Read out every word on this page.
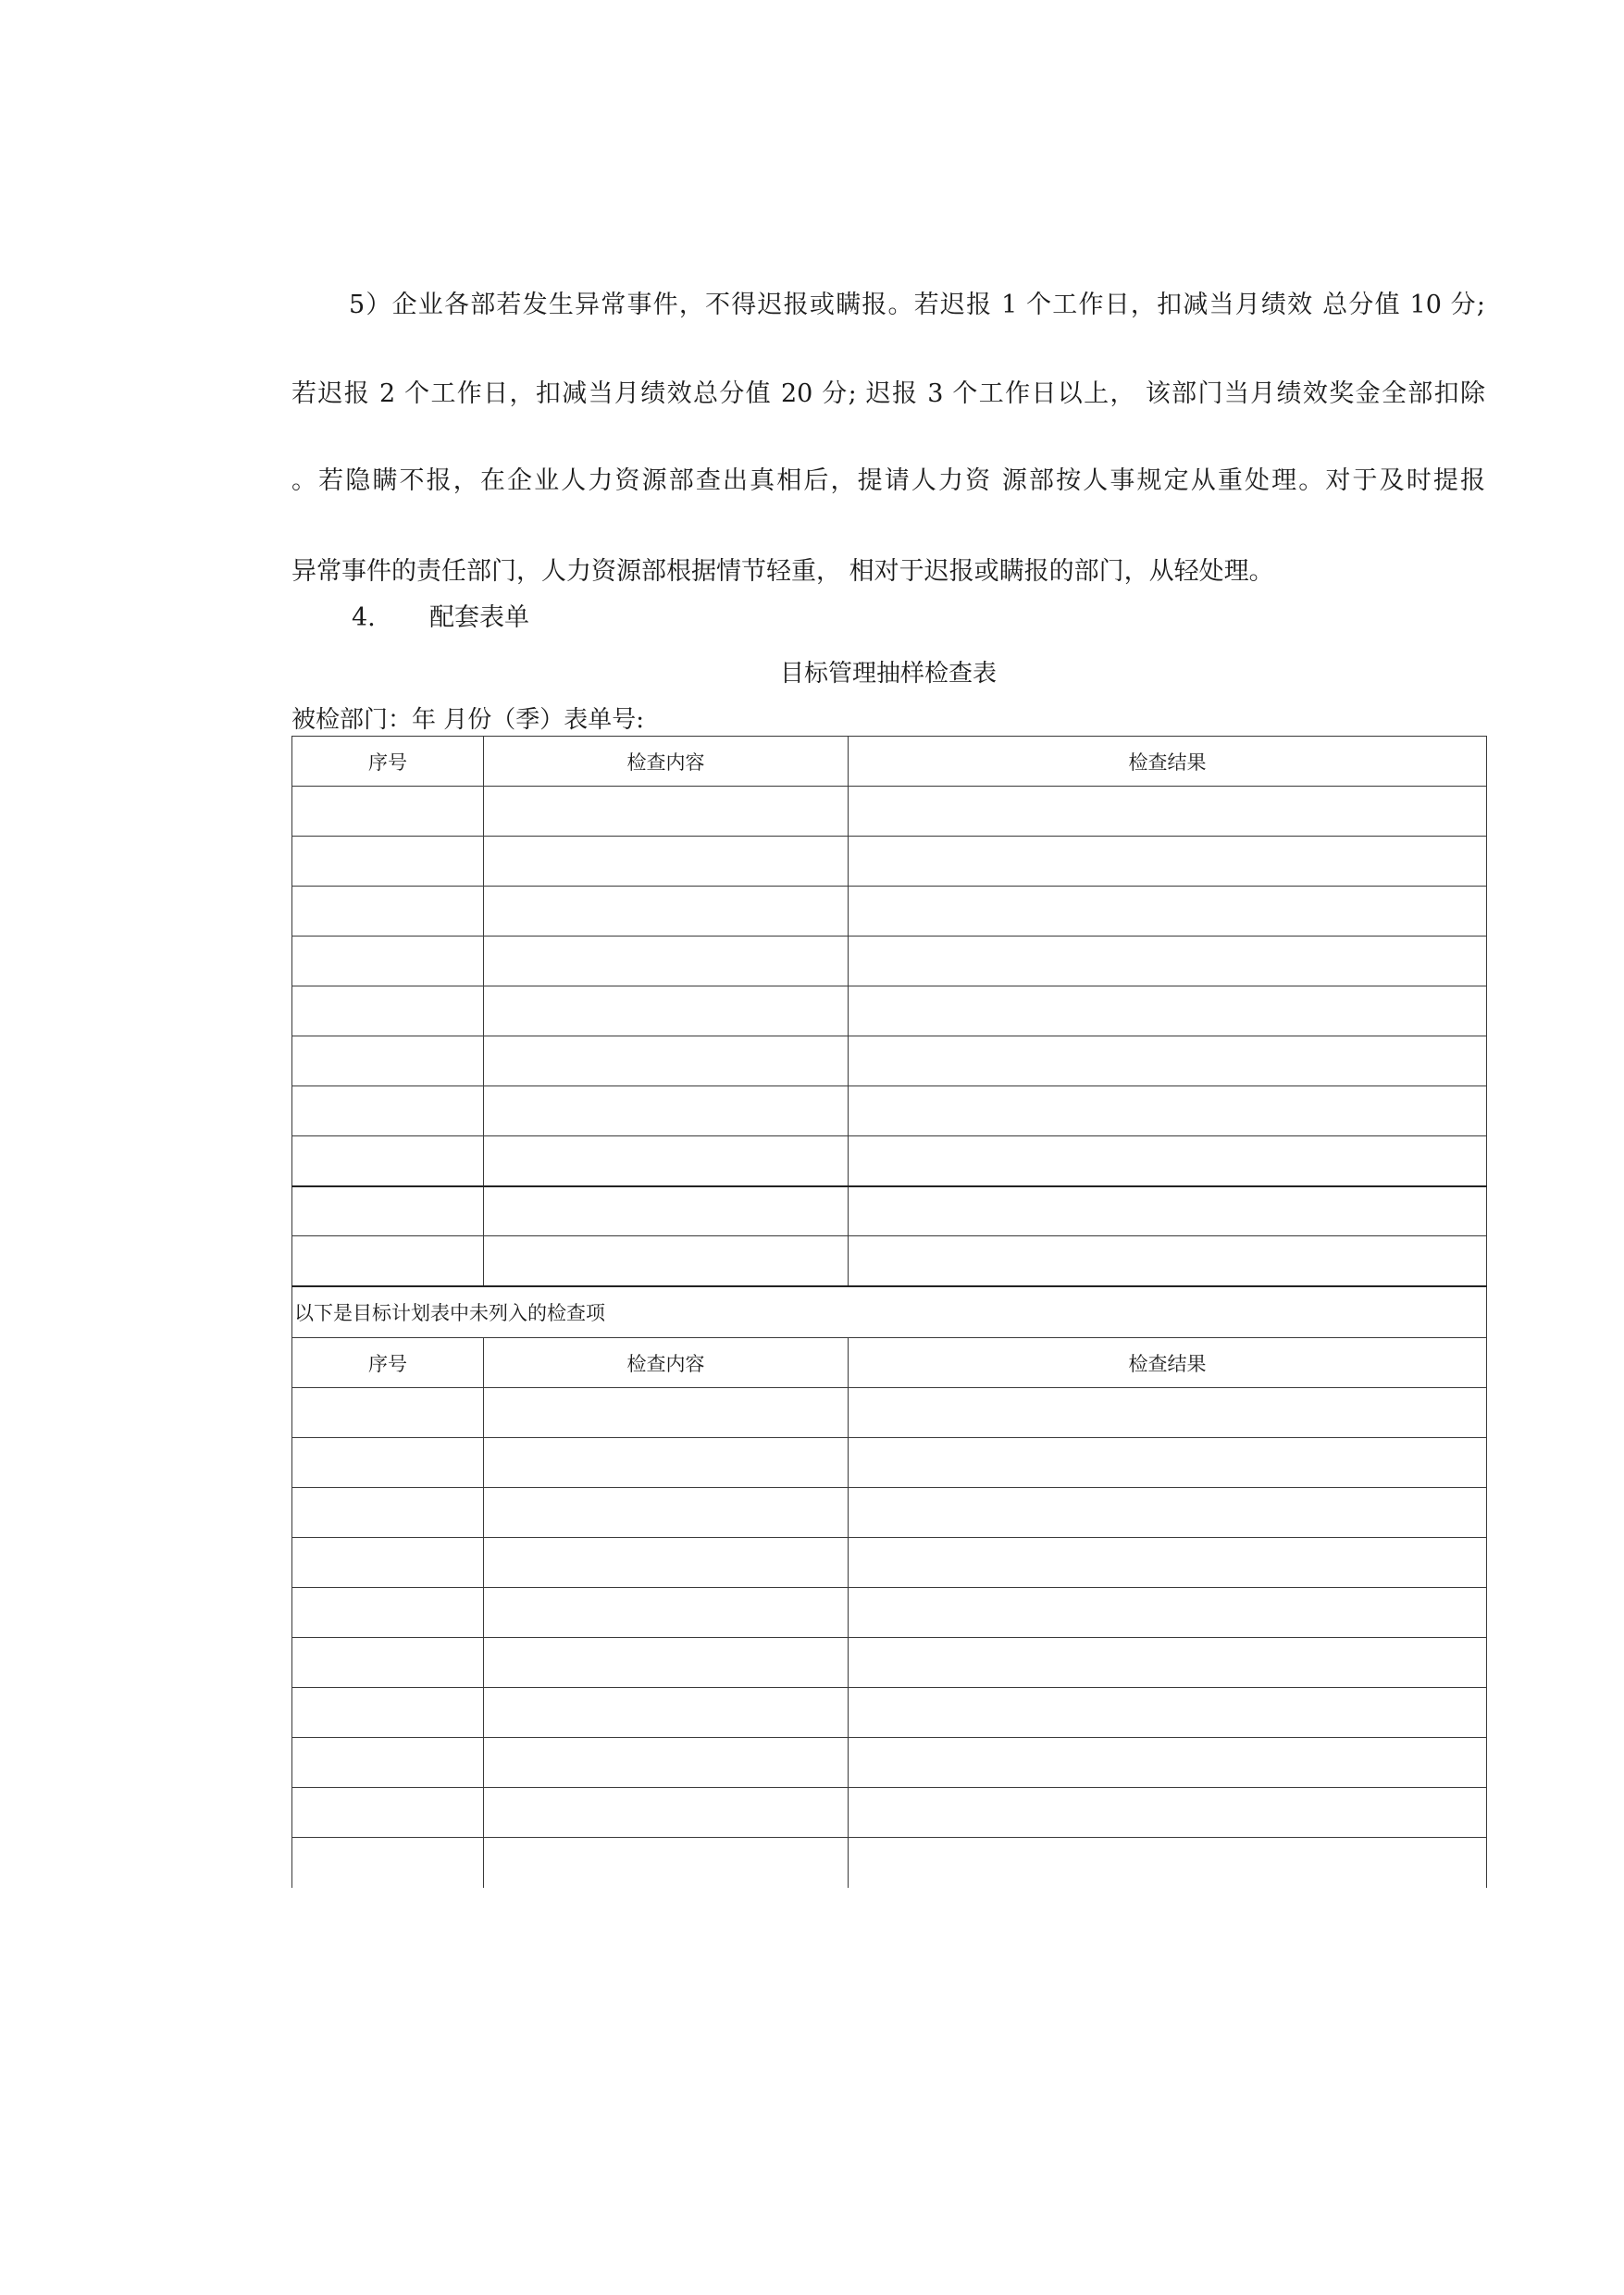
5）企业各部若发生异常事件，不得迟报或瞒报。若迟报 1 个工作日，扣减当月绩效 总分值 10 分;
若迟报 2 个工作日，扣减当月绩效总分值 20 分; 迟报 3 个工作日以上， 该部门当月绩效奖金全部扣除
。若隐瞒不报，在企业人力资源部查出真相后，提请人力资 源部按人事规定从重处理。对于及时提报
异常事件的责任部门，人力资源部根据情节轻重， 相对于迟报或瞒报的部门，从轻处理。
4. 配套表单
目标管理抽样检查表
被检部门：年 月份（季）表单号:
序号	检查内容	检查结果

以下是目标计划表中未列入的检查项		
序号	检查内容	检查结果
